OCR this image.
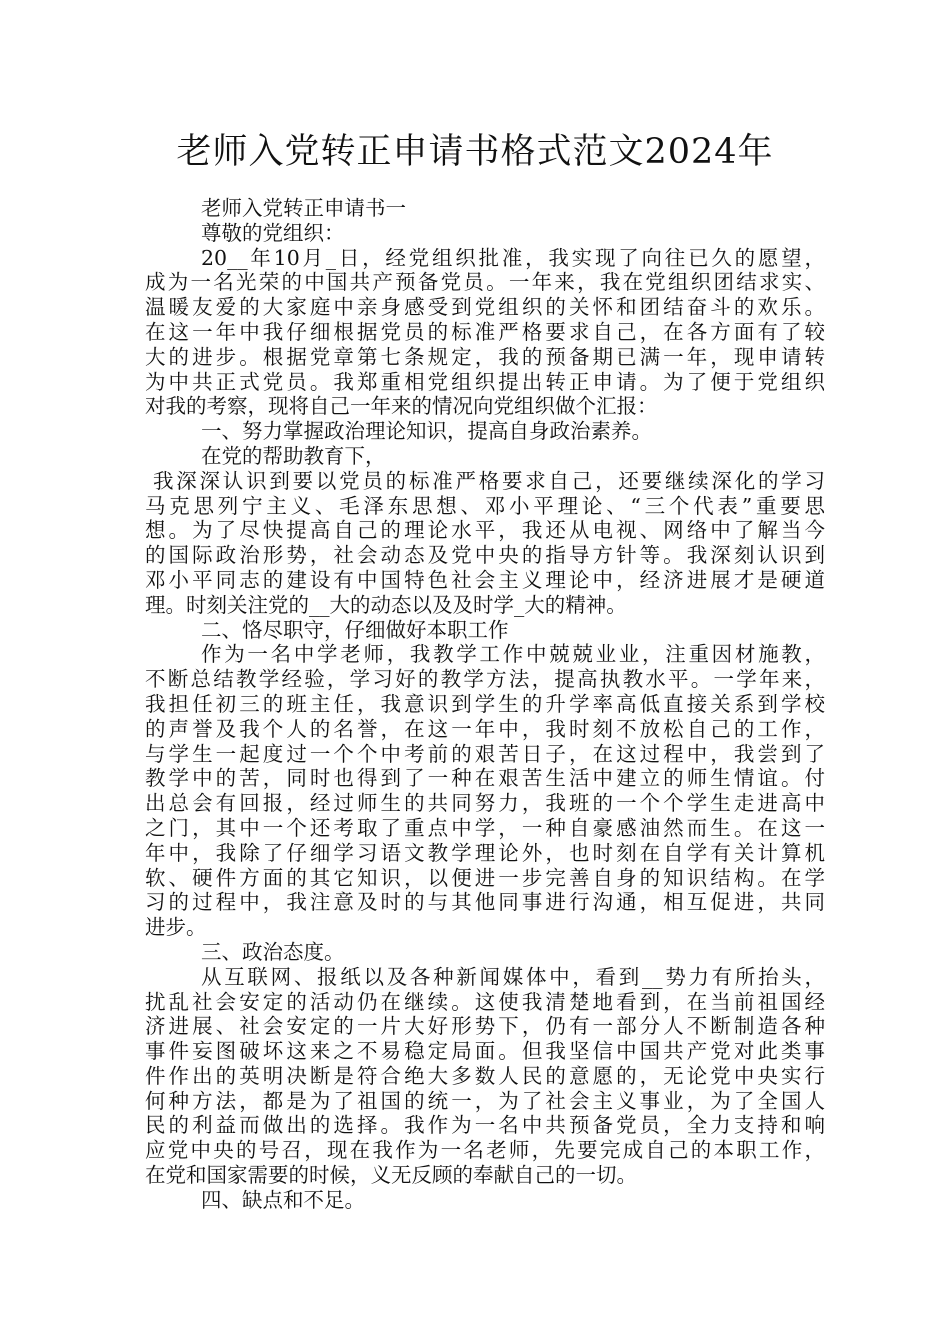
老师入党转正申请书格式范文2024年
老师入党转正申请书一
尊敬的党组织：
20__年10月_日，经党组织批准，我实现了向往已久的愿望，
成为一名光荣的中国共产预备党员。一年来，我在党组织团结求实、
温暖友爱的大家庭中亲身感受到党组织的关怀和团结奋斗的欢乐。
在这一年中我仔细根据党员的标准严格要求自己，在各方面有了较
大的进步。根据党章第七条规定，我的预备期已满一年，现申请转
为中共正式党员。我郑重相党组织提出转正申请。为了便于党组织
对我的考察，现将自己一年来的情况向党组织做个汇报：
一、努力掌握政治理论知识，提高自身政治素养。
在党的帮助教育下，
我深深认识到要以党员的标准严格要求自己，还要继续深化的学习
马克思列宁主义、毛泽东思想、邓小平理论、“三个代表”重要思
想。为了尽快提高自己的理论水平，我还从电视、网络中了解当今
的国际政治形势，社会动态及党中央的指导方针等。我深刻认识到
邓小平同志的建设有中国特色社会主义理论中，经济进展才是硬道
理。时刻关注党的__大的动态以及及时学_大的精神。
二、恪尽职守，仔细做好本职工作
作为一名中学老师，我教学工作中兢兢业业，注重因材施教，
不断总结教学经验，学习好的教学方法，提高执教水平。一学年来，
我担任初三的班主任，我意识到学生的升学率高低直接关系到学校
的声誉及我个人的名誉，在这一年中，我时刻不放松自己的工作，
与学生一起度过一个个中考前的艰苦日子，在这过程中，我尝到了
教学中的苦，同时也得到了一种在艰苦生活中建立的师生情谊。付
出总会有回报，经过师生的共同努力，我班的一个个学生走进高中
之门，其中一个还考取了重点中学，一种自豪感油然而生。在这一
年中，我除了仔细学习语文教学理论外，也时刻在自学有关计算机
软、硬件方面的其它知识，以便进一步完善自身的知识结构。在学
习的过程中，我注意及时的与其他同事进行沟通，相互促进，共同
进步。
三、政治态度。
从互联网、报纸以及各种新闻媒体中，看到__势力有所抬头，
扰乱社会安定的活动仍在继续。这使我清楚地看到，在当前祖国经
济进展、社会安定的一片大好形势下，仍有一部分人不断制造各种
事件妄图破坏这来之不易稳定局面。但我坚信中国共产党对此类事
件作出的英明决断是符合绝大多数人民的意愿的，无论党中央实行
何种方法，都是为了祖国的统一，为了社会主义事业，为了全国人
民的利益而做出的选择。我作为一名中共预备党员，全力支持和响
应党中央的号召，现在我作为一名老师，先要完成自己的本职工作，
在党和国家需要的时候，义无反顾的奉献自己的一切。
四、缺点和不足。
